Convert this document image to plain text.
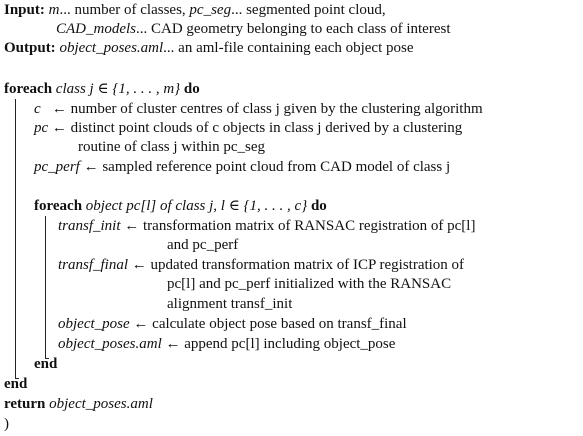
Input: m... number of classes, pc_seg... segmented point cloud,
CAD_models... CAD geometry belonging to each class of interest
Output: object_poses.aml... an aml-file containing each object pose
foreach class j ∈ {1, . . . , m} do
c ← number of cluster centres of class j given by the clustering algorithm
pc ← distinct point clouds of c objects in class j derived by a clustering
routine of class j within pc_seg
pc_perf ← sampled reference point cloud from CAD model of class j
foreach object pc[l] of class j, l ∈ {1, . . . , c} do
transf_init ← transformation matrix of RANSAC registration of pc[l]
and pc_perf
transf_final ← updated transformation matrix of ICP registration of
pc[l] and pc_perf initialized with the RANSAC
alignment transf_init
object_pose ← calculate object pose based on transf_final
object_poses.aml ← append pc[l] including object_pose
end
end
return object_poses.aml
)
